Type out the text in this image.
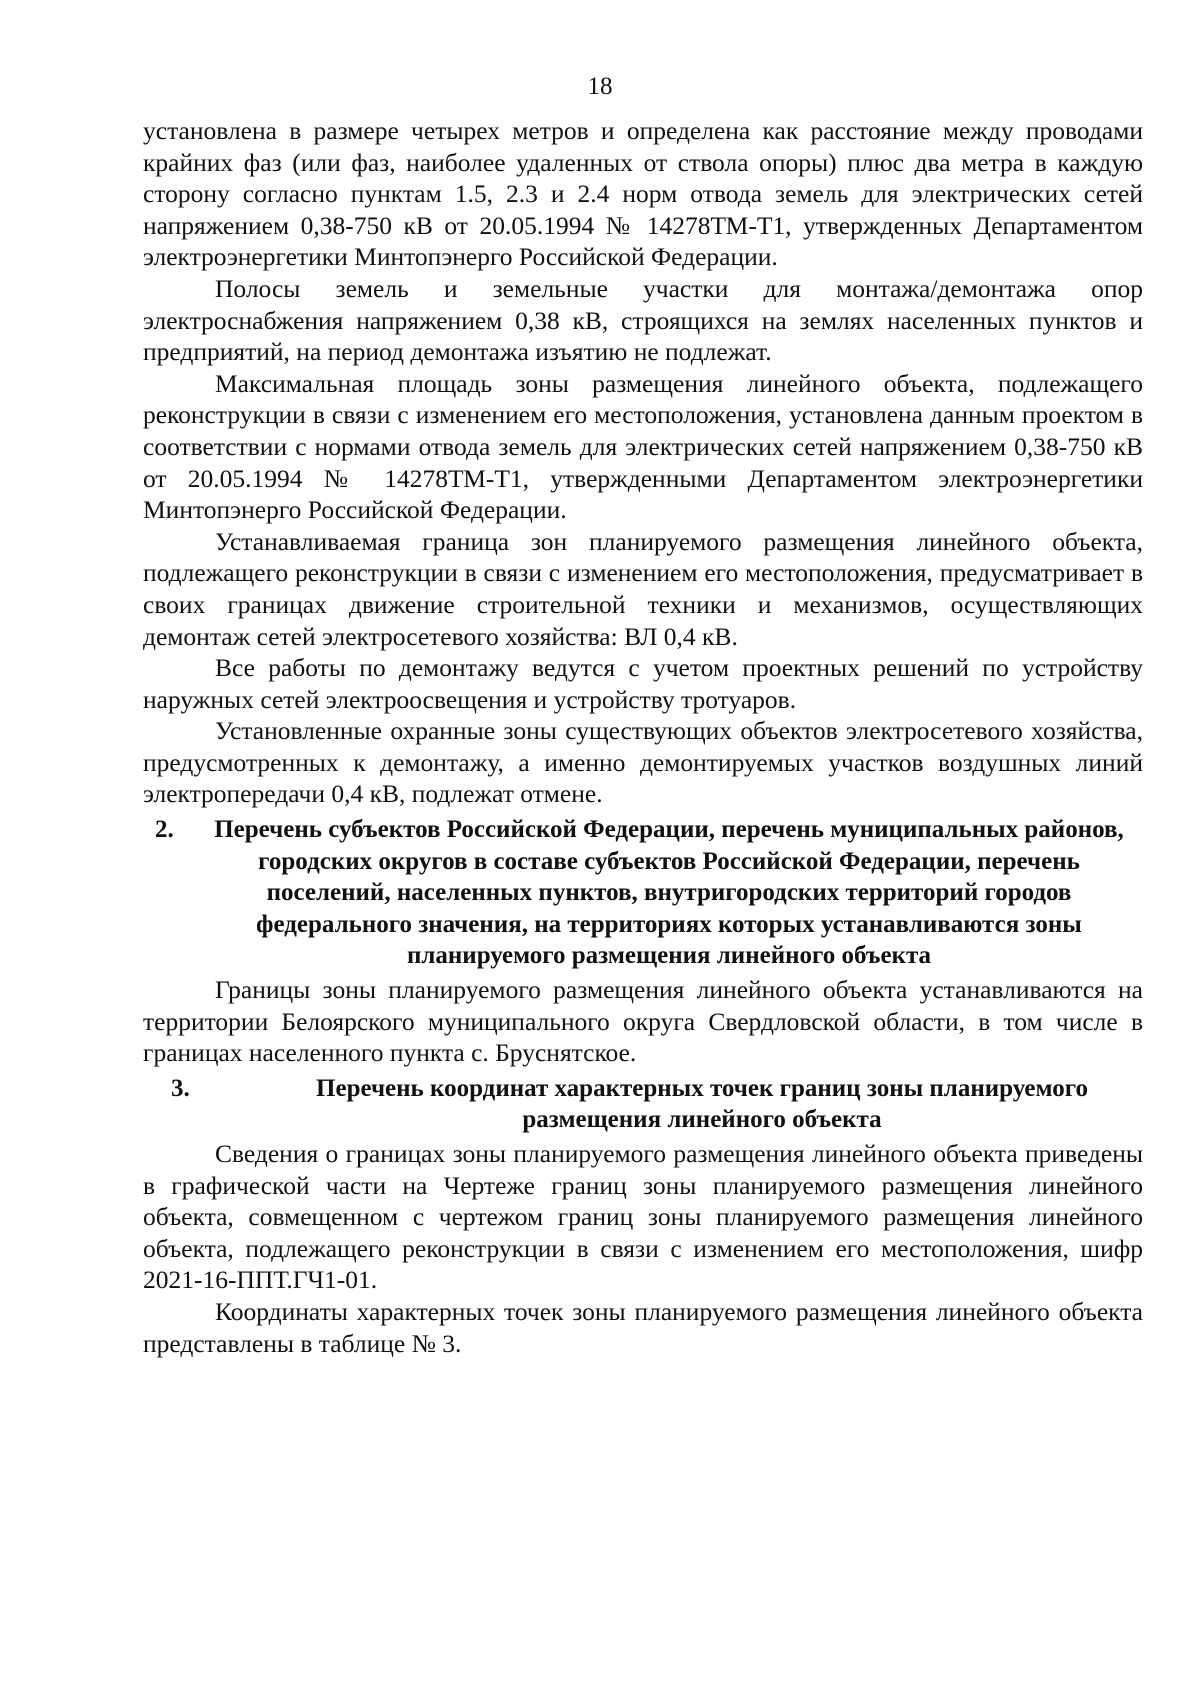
18

установлена в размере четырех метров и определена как расстояние между проводами крайних фаз (или фаз, наиболее удаленных от ствола опоры) плюс два метра в каждую сторону согласно пунктам 1.5, 2.3 и 2.4 норм отвода земель для электрических сетей напряжением 0,38-750 кВ от 20.05.1994 № 14278ТМ-Т1, утвержденных Департаментом электроэнергетики Минтопэнерго Российской Федерации.

Полосы земель и земельные участки для монтажа/демонтажа опор электроснабжения напряжением 0,38 кВ, строящихся на землях населенных пунктов и предприятий, на период демонтажа изъятию не подлежат.

Максимальная площадь зоны размещения линейного объекта, подлежащего реконструкции в связи с изменением его местоположения, установлена данным проектом в соответствии с нормами отвода земель для электрических сетей напряжением 0,38-750 кВ от 20.05.1994 № 14278ТМ-Т1, утвержденными Департаментом электроэнергетики Минтопэнерго Российской Федерации.

Устанавливаемая граница зон планируемого размещения линейного объекта, подлежащего реконструкции в связи с изменением его местоположения, предусматривает в своих границах движение строительной техники и механизмов, осуществляющих демонтаж сетей электросетевого хозяйства: ВЛ 0,4 кВ.

Все работы по демонтажу ведутся с учетом проектных решений по устройству наружных сетей электроосвещения и устройству тротуаров.

Установленные охранные зоны существующих объектов электросетевого хозяйства, предусмотренных к демонтажу, а именно демонтируемых участков воздушных линий электропередачи 0,4 кВ, подлежат отмене.

2.	Перечень субъектов Российской Федерации, перечень муниципальных районов, городских округов в составе субъектов Российской Федерации, перечень поселений, населенных пунктов, внутригородских территорий городов федерального значения, на территориях которых устанавливаются зоны планируемого размещения линейного объекта

Границы зоны планируемого размещения линейного объекта устанавливаются на территории Белоярского муниципального округа Свердловской области, в том числе в границах населенного пункта с. Бруснятское.

3.	Перечень координат характерных точек границ зоны планируемого размещения линейного объекта

Сведения о границах зоны планируемого размещения линейного объекта приведены в графической части на Чертеже границ зоны планируемого размещения линейного объекта, совмещенном с чертежом границ зоны планируемого размещения линейного объекта, подлежащего реконструкции в связи с изменением его местоположения, шифр 2021-16-ППТ.ГЧ1-01.

Координаты характерных точек зоны планируемого размещения линейного объекта представлены в таблице № 3.
